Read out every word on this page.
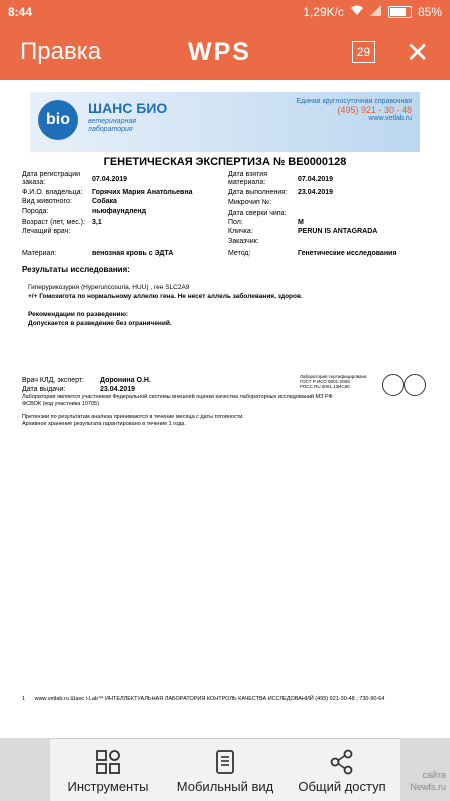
8:44	1,29K/c	85%
Правка	WPS	29 ✕
bio
ШАНС БИО
ветеринарная
лаборатория
Единая круглосуточная справочная
(495) 921 - 30 - 48
www.vetlab.ru
ГЕНЕТИЧЕСКАЯ ЭКСПЕРТИЗА № ВЕ0000128
Дата регистрации
заказа:	07.04.2019
Ф.И.О. владельца: Горячих Мария Анатольевна
Вид животного:	Собака
Порода:	ньюфаундленд
Возраст (лет, мес.): 3,1
Лечащий врач:
Дата взятия
материала:	07.04.2019
Дата выполнения: 23.04.2019
Микрочип №:
Дата сверки чипа:
Пол:	M
Кличка:	PERUN IS ANTAGRADA
Заказчик:
Материал:	венозная кровь с ЭДТА	Метод:	Генетические исследования
Результаты исследования:
Гиперурикозурия (Hyperuricosuria, HUU) , ген SLC2A9
+/+ Гомозигота по нормальному аллелю гена. Не несет аллель заболевания, здоров.
Рекомендации по разведению:
Допускается в разведение без ограничений.
Врач КЛД, эксперт: Доронина О.Н.
Дата выдачи:	23.04.2019
Лаборатория является участником Федеральной системы внешней оценки качества лабораторных исследований МЗ РФ
ФСВОК (код участника 10705)
Претензии по результатам анализа принимаются в течение месяца с даты готовности.
Архивное хранение результата гарантировано в течение 1 года.
Лаборатория сертифицирована
ГОСТ Р ИСО 9001-2008
РОСС RU.0001.13ИС80
1 www.vetlab.ru Шанс i-Lab™ ИНТЕЛЛЕКТУАЛЬНАЯ ЛАБОРАТОРИЯ КОНТРОЛЬ КАЧЕСТВА ИССЛЕДОВАНИЙ (495) 921-30-48 ; 730-90-64
Инструменты	Мобильный вид	Общий доступ
сайта
Newfs.ru
